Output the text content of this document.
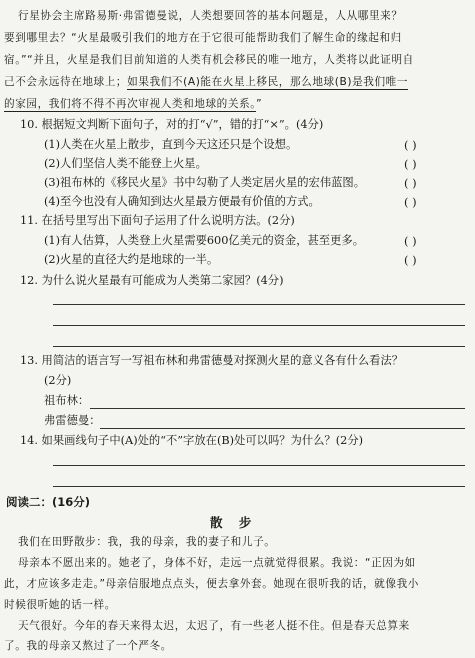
行星协会主席路易斯·弗雷德曼说，人类想要回答的基本问题是，人从哪里来？
要到哪里去？“火星最吸引我们的地方在于它很可能帮助我们了解生命的缘起和归
宿。”“并且，火星是我们目前知道的人类有机会移民的唯一地方，人类将以此证明自
己不会永远待在地球上；如果我们不(A)能在火星上移民，那么地球(B)是我们唯一
的家园，我们将不得不再次审视人类和地球的关系。”
10. 根据短文判断下面句子，对的打“√”，错的打“×”。(4分)
(1)人类在火星上散步，直到今天这还只是个设想。	( )
(2)人们坚信人类不能登上火星。	( )
(3)祖布林的《移民火星》书中勾勒了人类定居火星的宏伟蓝图。	( )
(4)至今也没有人确知到达火星最方便最有价值的方式。	( )
11. 在括号里写出下面句子运用了什么说明方法。(2分)
(1)有人估算，人类登上火星需要600亿美元的资金，甚至更多。	( )
(2)火星的直径大约是地球的一半。	( )
12. 为什么说火星最有可能成为人类第二家园？(4分)
13. 用简洁的语言写一写祖布林和弗雷德曼对探测火星的意义各有什么看法？
(2分)
祖布林：
弗雷德曼：
14. 如果画线句子中(A)处的“不”字放在(B)处可以吗？为什么？(2分)
阅读二：(16分)
散 步
我们在田野散步：我，我的母亲，我的妻子和儿子。
母亲本不愿出来的。她老了，身体不好，走远一点就觉得很累。我说：“正因为如
此，才应该多走走。”母亲信服地点点头，便去拿外套。她现在很听我的话，就像我小
时候很听她的话一样。
天气很好。今年的春天来得太迟，太迟了，有一些老人挺不住。但是春天总算来
了。我的母亲又熬过了一个严冬。
